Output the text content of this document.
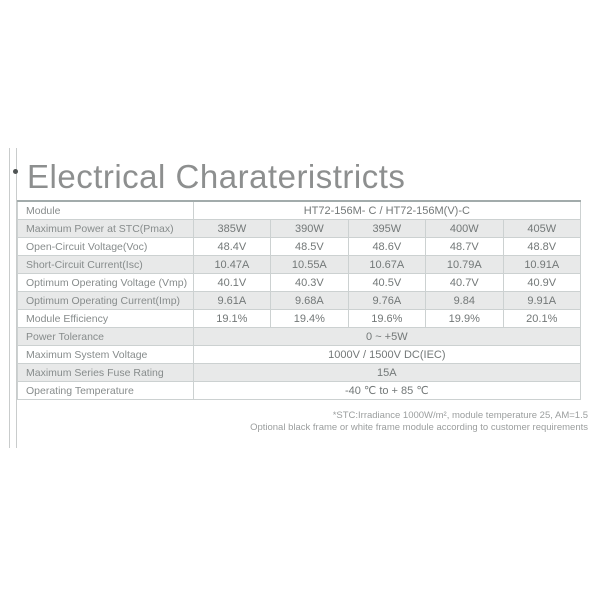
Electrical Charateristricts
Module	HT72-156M- C / HT72-156M(V)-C				
Maximum Power at STC(Pmax)	385W	390W	395W	400W	405W
Open-Circuit Voltage(Voc)	48.4V	48.5V	48.6V	48.7V	48.8V
Short-Circuit Current(Isc)	10.47A	10.55A	10.67A	10.79A	10.91A
Optimum Operating Voltage (Vmp)	40.1V	40.3V	40.5V	40.7V	40.9V
Optimum Operating Current(Imp)	9.61A	9.68A	9.76A	9.84	9.91A
Module Efficiency	19.1%	19.4%	19.6%	19.9%	20.1%
Power Tolerance	0 ~ +5W				
Maximum System Voltage	1000V / 1500V DC(IEC)				
Maximum Series Fuse Rating	15A				
Operating Temperature	-40 ℃ to + 85 ℃				
*STC:Irradiance 1000W/m², module temperature 25, AM=1.5
Optional black frame or white frame module according to customer requirements
